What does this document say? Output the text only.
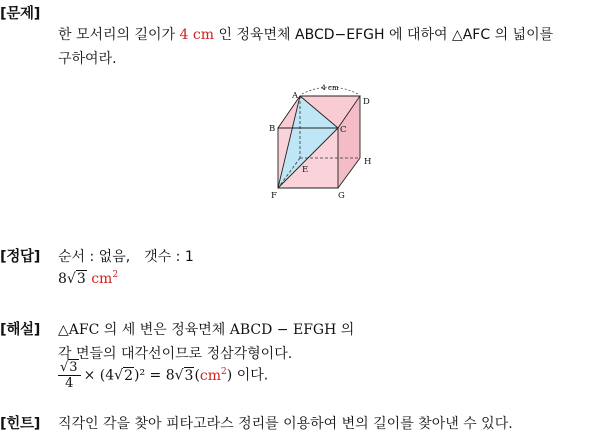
[문제]
한 모서리의 길이가 4 cm 인 정육면체 ABCD−EFGH 에 대하여 △AFC 의 넓이를
구하여라.
4 cm
A
B	C
D
E
F	G
H
[정답] 순서 : 없음,　갯수 : 1
8√3 $cm^2$
[해설] △AFC 의 세 변은 정육면체 ABCD − EFGH 의
각 면들의 대각선이므로 정삼각형이다.
$\frac{√3}{4} \times (4√2)^2 = 8√3(cm^2)$ 이다.
[힌트] 직각인 각을 찾아 피타고라스 정리를 이용하여 변의 길이를 찾아낸 수 있다.
